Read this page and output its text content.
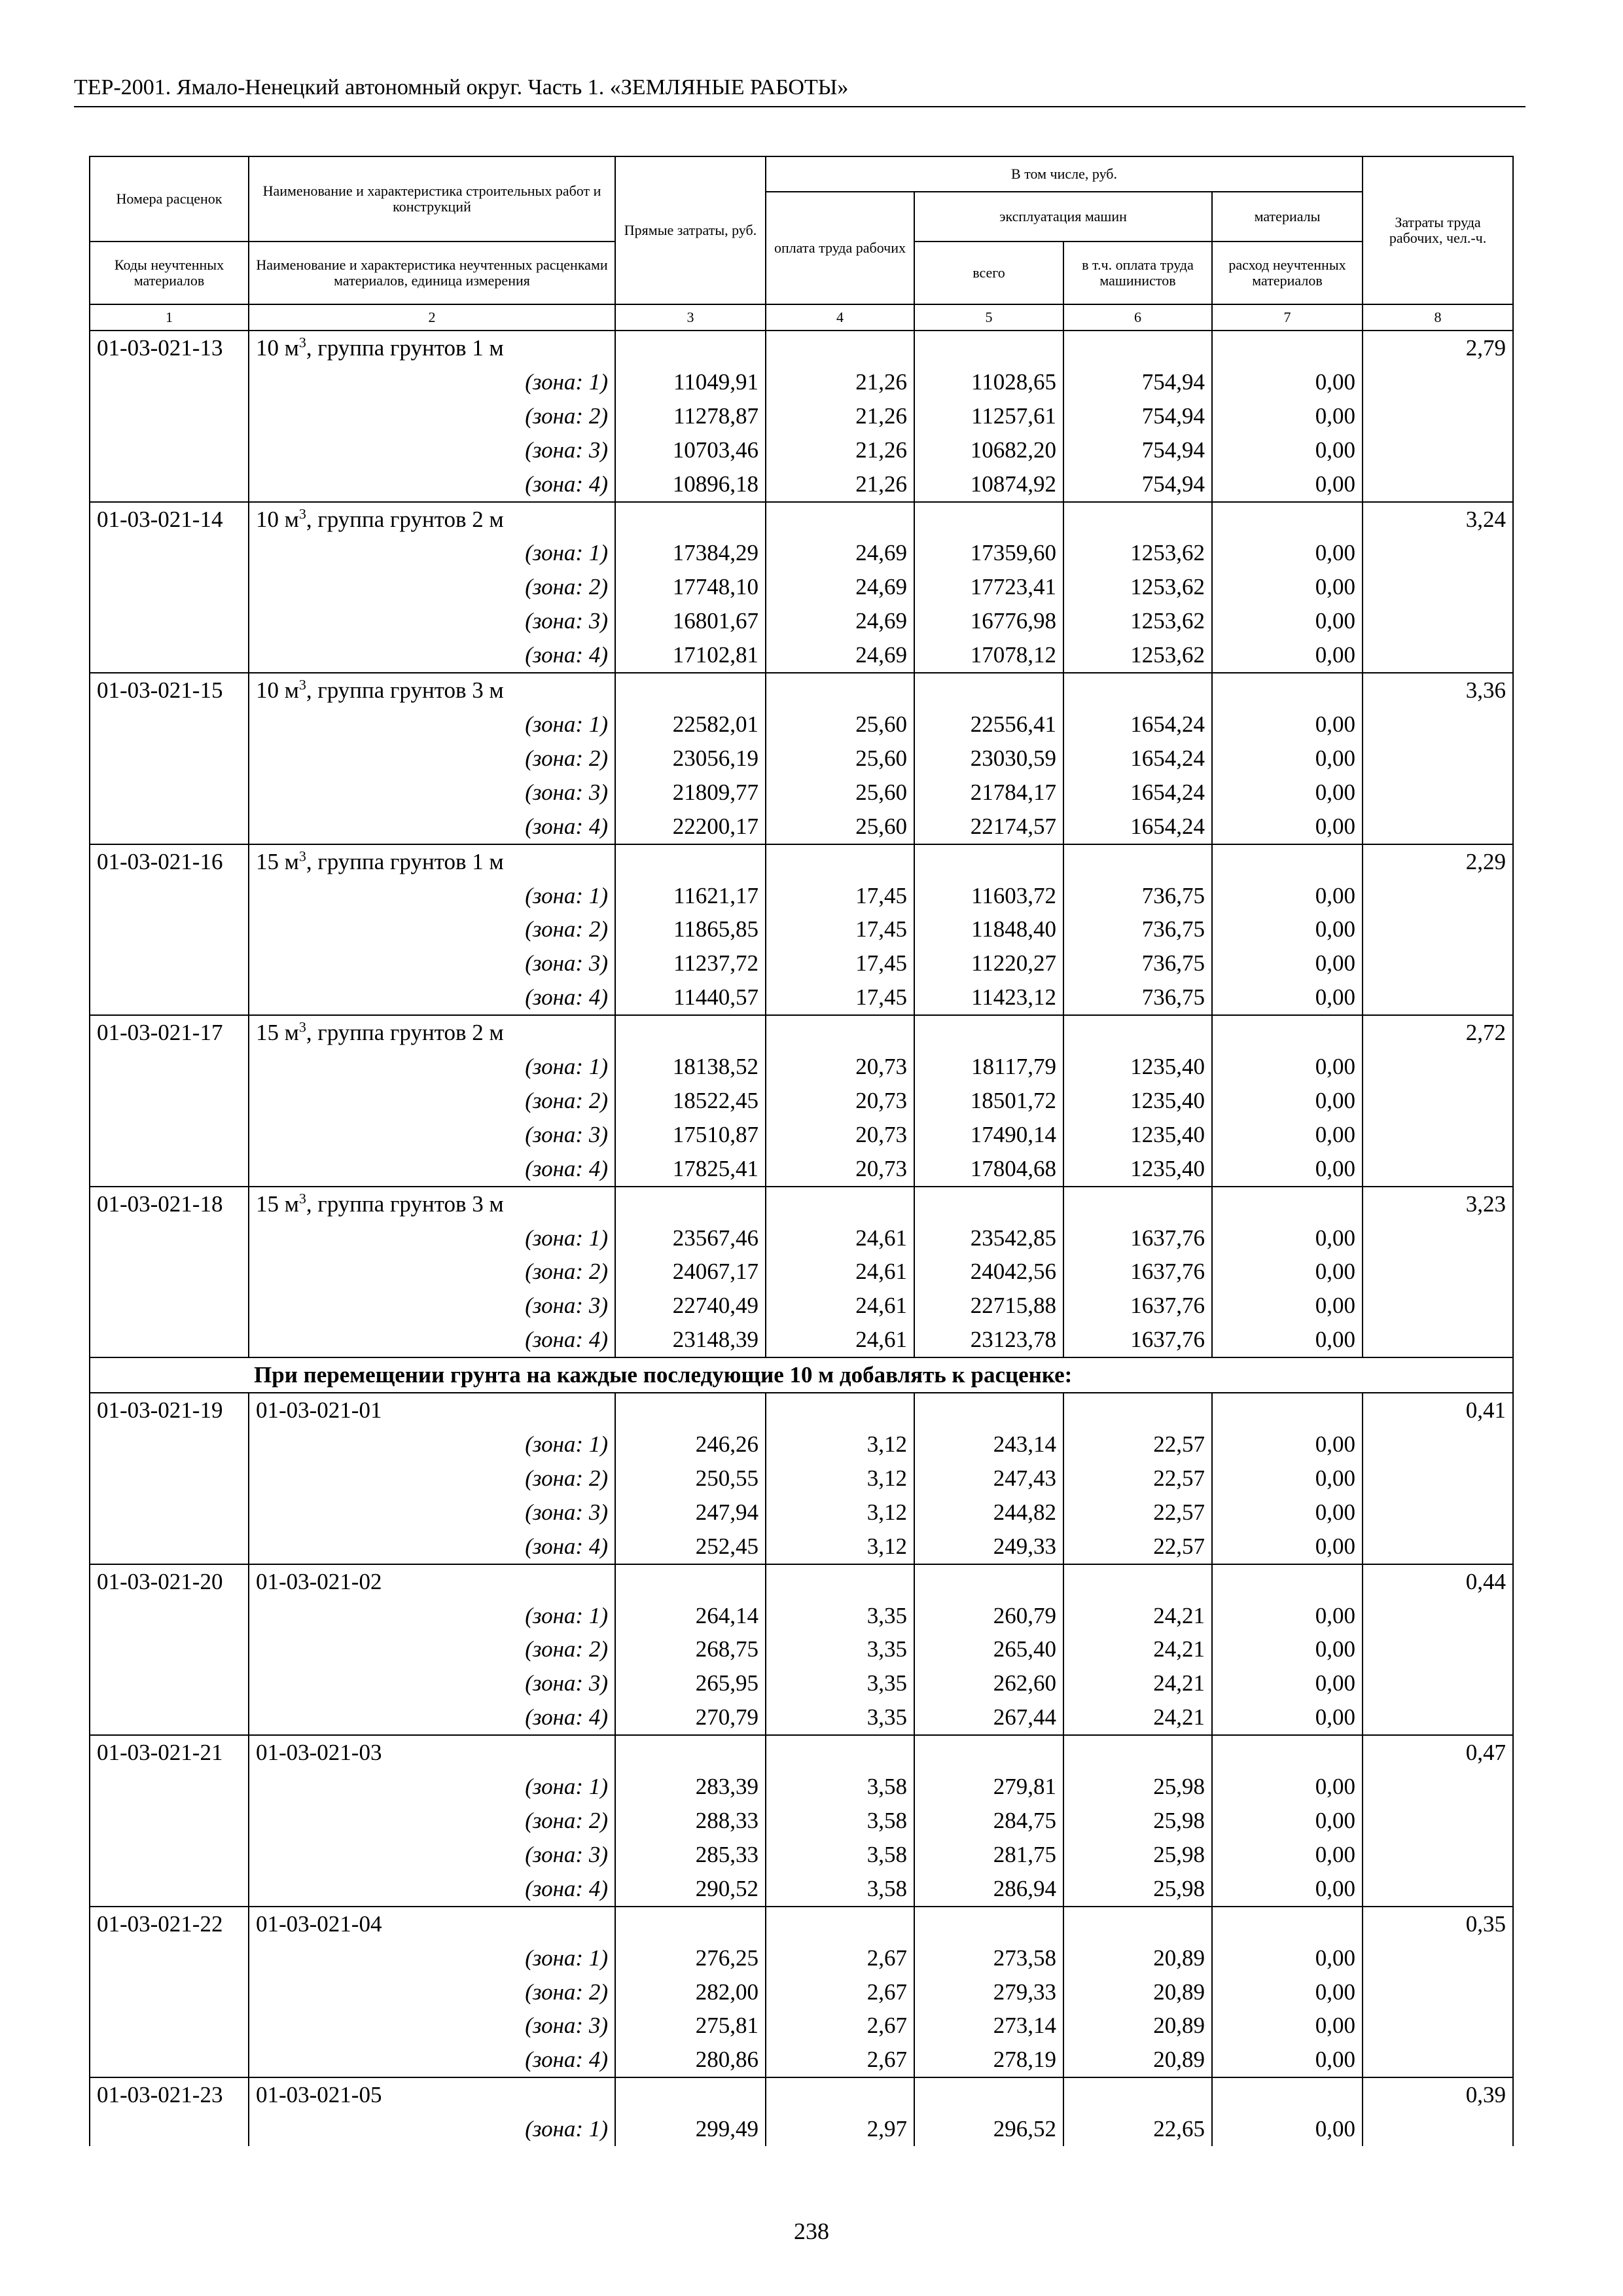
ТЕР-2001. Ямало-Ненецкий автономный округ. Часть 1. «ЗЕМЛЯНЫЕ РАБОТЫ»
Номера расценок	Наименование и характеристика строительных работ и конструкций	Прямые затраты, руб.	В том числе, руб.				Затраты труда рабочих, чел.-ч.
			оплата труда рабочих	эксплуатация машин		материалы	
				всего	в т.ч. оплата труда машинистов	расход неучтенных материалов	
Коды неучтенных материалов	Наименование и характеристика неучтенных расценками материалов, единица измерения						

1	2	3	4	5	6	7	8
01-03-021-13	10 $м^3$, группа грунтов 1 м						2,79
	(зона: 1)	11049,91	21,26	11028,65	754,94	0,00	
	(зона: 2)	11278,87	21,26	11257,61	754,94	0,00	
	(зона: 3)	10703,46	21,26	10682,20	754,94	0,00	
	(зона: 4)	10896,18	21,26	10874,92	754,94	0,00	
01-03-021-14	10 $м^3$, группа грунтов 2 м						3,24
	(зона: 1)	17384,29	24,69	17359,60	1253,62	0,00	
	(зона: 2)	17748,10	24,69	17723,41	1253,62	0,00	
	(зона: 3)	16801,67	24,69	16776,98	1253,62	0,00	
	(зона: 4)	17102,81	24,69	17078,12	1253,62	0,00	
01-03-021-15	10 $м^3$, группа грунтов 3 м						3,36
	(зона: 1)	22582,01	25,60	22556,41	1654,24	0,00	
	(зона: 2)	23056,19	25,60	23030,59	1654,24	0,00	
	(зона: 3)	21809,77	25,60	21784,17	1654,24	0,00	
	(зона: 4)	22200,17	25,60	22174,57	1654,24	0,00	
01-03-021-16	15 $м^3$, группа грунтов 1 м						2,29
	(зона: 1)	11621,17	17,45	11603,72	736,75	0,00	
	(зона: 2)	11865,85	17,45	11848,40	736,75	0,00	
	(зона: 3)	11237,72	17,45	11220,27	736,75	0,00	
	(зона: 4)	11440,57	17,45	11423,12	736,75	0,00	
01-03-021-17	15 $м^3$, группа грунтов 2 м						2,72
	(зона: 1)	18138,52	20,73	18117,79	1235,40	0,00	
	(зона: 2)	18522,45	20,73	18501,72	1235,40	0,00	
	(зона: 3)	17510,87	20,73	17490,14	1235,40	0,00	
	(зона: 4)	17825,41	20,73	17804,68	1235,40	0,00	
01-03-021-18	15 $м^3$, группа грунтов 3 м						3,23
	(зона: 1)	23567,46	24,61	23542,85	1637,76	0,00	
	(зона: 2)	24067,17	24,61	24042,56	1637,76	0,00	
	(зона: 3)	22740,49	24,61	22715,88	1637,76	0,00	
	(зона: 4)	23148,39	24,61	23123,78	1637,76	0,00	
При перемещении грунта на каждые последующие 10 м добавлять к расценке:							
01-03-021-19	01-03-021-01						0,41
	(зона: 1)	246,26	3,12	243,14	22,57	0,00	
	(зона: 2)	250,55	3,12	247,43	22,57	0,00	
	(зона: 3)	247,94	3,12	244,82	22,57	0,00	
	(зона: 4)	252,45	3,12	249,33	22,57	0,00	
01-03-021-20	01-03-021-02						0,44
	(зона: 1)	264,14	3,35	260,79	24,21	0,00	
	(зона: 2)	268,75	3,35	265,40	24,21	0,00	
	(зона: 3)	265,95	3,35	262,60	24,21	0,00	
	(зона: 4)	270,79	3,35	267,44	24,21	0,00	
01-03-021-21	01-03-021-03						0,47
	(зона: 1)	283,39	3,58	279,81	25,98	0,00	
	(зона: 2)	288,33	3,58	284,75	25,98	0,00	
	(зона: 3)	285,33	3,58	281,75	25,98	0,00	
	(зона: 4)	290,52	3,58	286,94	25,98	0,00	
01-03-021-22	01-03-021-04						0,35
	(зона: 1)	276,25	2,67	273,58	20,89	0,00	
	(зона: 2)	282,00	2,67	279,33	20,89	0,00	
	(зона: 3)	275,81	2,67	273,14	20,89	0,00	
	(зона: 4)	280,86	2,67	278,19	20,89	0,00	
01-03-021-23	01-03-021-05						0,39
	(зона: 1)	299,49	2,97	296,52	22,65	0,00	
238
